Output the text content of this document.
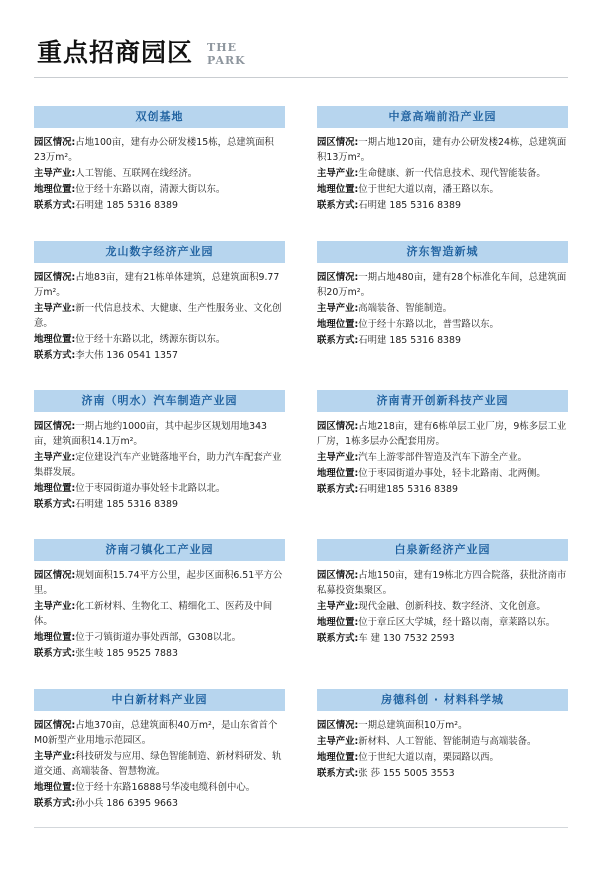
重点招商园区 THE
PARK
双创基地
园区情况:占地100亩，建有办公研发楼15栋，总建筑面积23万m²。
主导产业:人工智能、互联网在线经济。
地理位置:位于经十东路以南，清源大街以东。
联系方式:石明建 185 5316 8389
中意高端前沿产业园
园区情况:一期占地120亩，建有办公研发楼24栋，总建筑面积13万m²。
主导产业:生命健康、新一代信息技术、现代智能装备。
地理位置:位于世纪大道以南，潘王路以东。
联系方式:石明建 185 5316 8389
龙山数字经济产业园
园区情况:占地83亩，建有21栋单体建筑，总建筑面积9.77万m²。
主导产业:新一代信息技术、大健康、生产性服务业、文化创意。
地理位置:位于经十东路以北，绣源东街以东。
联系方式:李大伟 136 0541 1357
济东智造新城
园区情况:一期占地480亩，建有28个标准化车间，总建筑面积20万m²。
主导产业:高端装备、智能制造。
地理位置:位于经十东路以北，普雪路以东。
联系方式:石明建 185 5316 8389
济南（明水）汽车制造产业园
园区情况:一期占地约1000亩，其中起步区规划用地343亩，建筑面积14.1万m²。
主导产业:定位建设汽车产业链落地平台，助力汽车配套产业集群发展。
地理位置:位于枣园街道办事处轻卡北路以北。
联系方式:石明建 185 5316 8389
济南青开创新科技产业园
园区情况:占地218亩，建有6栋单层工业厂房，9栋多层工业厂房，1栋多层办公配套用房。
主导产业:汽车上游零部件智造及汽车下游全产业。
地理位置:位于枣园街道办事处，轻卡北路南、北两侧。
联系方式:石明建185 5316 8389
济南刁镇化工产业园
园区情况:规划面积15.74平方公里，起步区面积6.51平方公里。
主导产业:化工新材料、生物化工、精细化工、医药及中间体。
地理位置:位于刁镇街道办事处西部，G308以北。
联系方式:张生岐 185 9525 7883
白泉新经济产业园
园区情况:占地150亩，建有19栋北方四合院落，获批济南市私募投资集聚区。
主导产业:现代金融、创新科技、数字经济、文化创意。
地理位置:位于章丘区大学城，经十路以南，章莱路以东。
联系方式:车 建 130 7532 2593
中白新材料产业园
园区情况:占地370亩，总建筑面积40万m²，是山东省首个M0新型产业用地示范园区。
主导产业:科技研发与应用、绿色智能制造、新材料研发、轨道交通、高端装备、智慧物流。
地理位置:位于经十东路16888号华凌电缆科创中心。
联系方式:孙小兵 186 6395 9663
房德科创 · 材料科学城
园区情况:一期总建筑面积10万m²。
主导产业:新材料、人工智能、智能制造与高端装备。
地理位置:位于世纪大道以南，栗园路以西。
联系方式:张 莎 155 5005 3553
